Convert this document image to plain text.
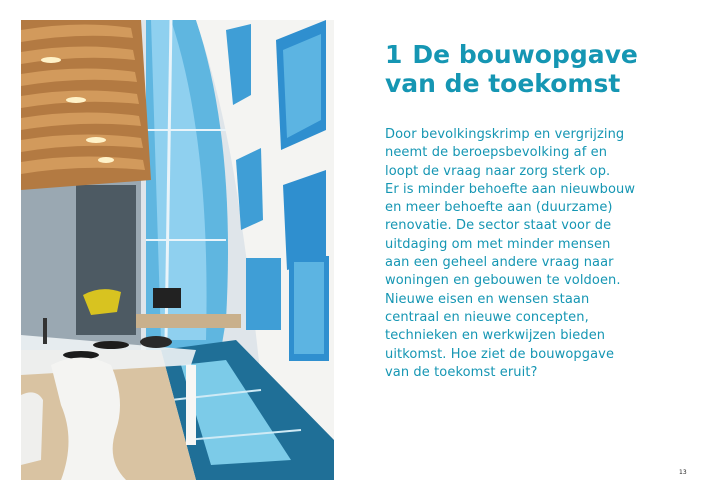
1 De bouwopgave
van de toekomst
Door bevolkingskrimp en vergrijzing
neemt de beroepsbevolking af en
loopt de vraag naar zorg sterk op.
Er is minder behoefte aan nieuwbouw
en meer behoefte aan (duurzame)
renovatie. De sector staat voor de
uitdaging om met minder mensen
aan een geheel andere vraag naar
woningen en gebouwen te voldoen.
Nieuwe eisen en wensen staan
centraal en nieuwe concepten,
technieken en werkwijzen bieden
uitkomst. Hoe ziet de bouwopgave
van de toekomst eruit?
13
